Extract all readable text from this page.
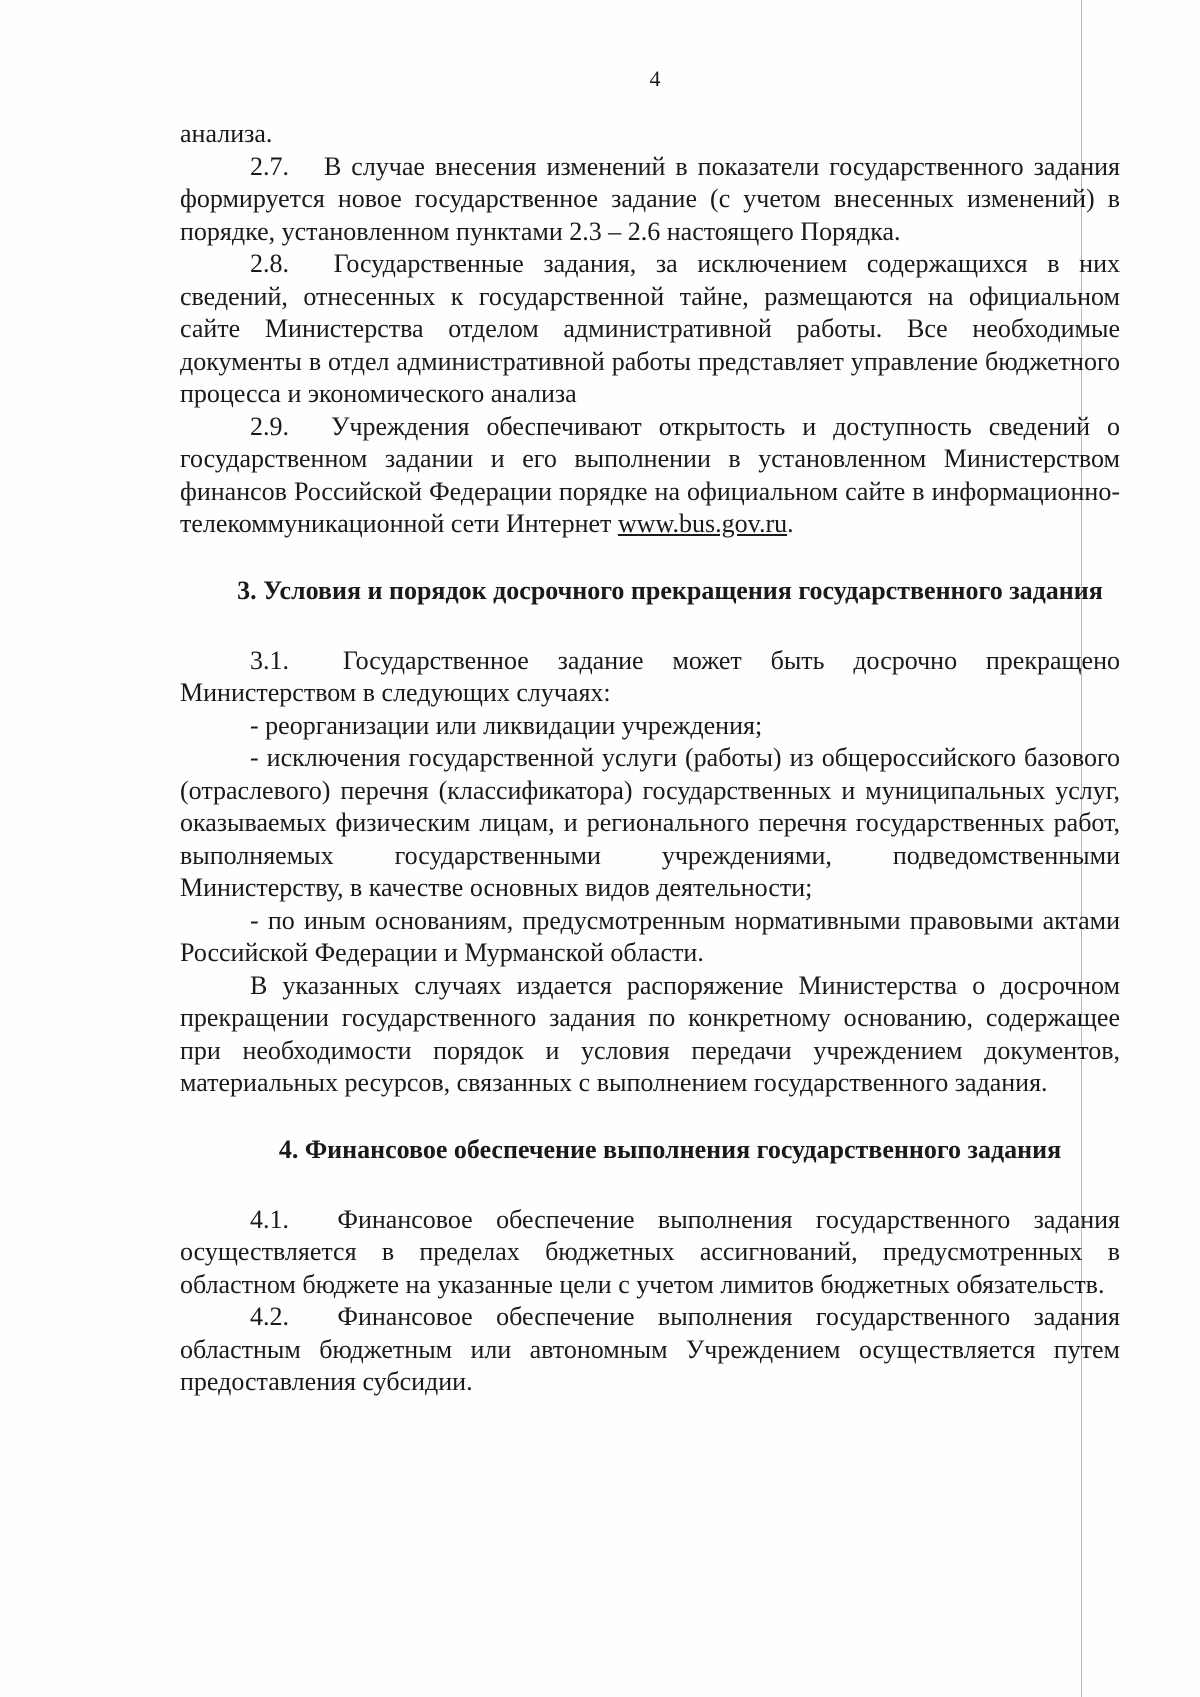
4

анализа.

2.7. В случае внесения изменений в показатели государственного задания формируется новое государственное задание (с учетом внесенных изменений) в порядке, установленном пунктами 2.3 – 2.6 настоящего Порядка.

2.8. Государственные задания, за исключением содержащихся в них сведений, отнесенных к государственной тайне, размещаются на официальном сайте Министерства отделом административной работы. Все необходимые документы в отдел административной работы представляет управление бюджетного процесса и экономического анализа

2.9. Учреждения обеспечивают открытость и доступность сведений о государственном задании и его выполнении в установленном Министерством финансов Российской Федерации порядке на официальном сайте в информационно-телекоммуникационной сети Интернет www.bus.gov.ru.

3. Условия и порядок досрочного прекращения государственного задания

3.1. Государственное задание может быть досрочно прекращено Министерством в следующих случаях:

- реорганизации или ликвидации учреждения;

- исключения государственной услуги (работы) из общероссийского базового (отраслевого) перечня (классификатора) государственных и муниципальных услуг, оказываемых физическим лицам, и регионального перечня государственных работ, выполняемых государственными учреждениями, подведомственными Министерству, в качестве основных видов деятельности;

- по иным основаниям, предусмотренным нормативными правовыми актами Российской Федерации и Мурманской области.

В указанных случаях издается распоряжение Министерства о досрочном прекращении государственного задания по конкретному основанию, содержащее при необходимости порядок и условия передачи учреждением документов, материальных ресурсов, связанных с выполнением государственного задания.

4. Финансовое обеспечение выполнения государственного задания

4.1. Финансовое обеспечение выполнения государственного задания осуществляется в пределах бюджетных ассигнований, предусмотренных в областном бюджете на указанные цели с учетом лимитов бюджетных обязательств.

4.2. Финансовое обеспечение выполнения государственного задания областным бюджетным или автономным Учреждением осуществляется путем предоставления субсидии.
